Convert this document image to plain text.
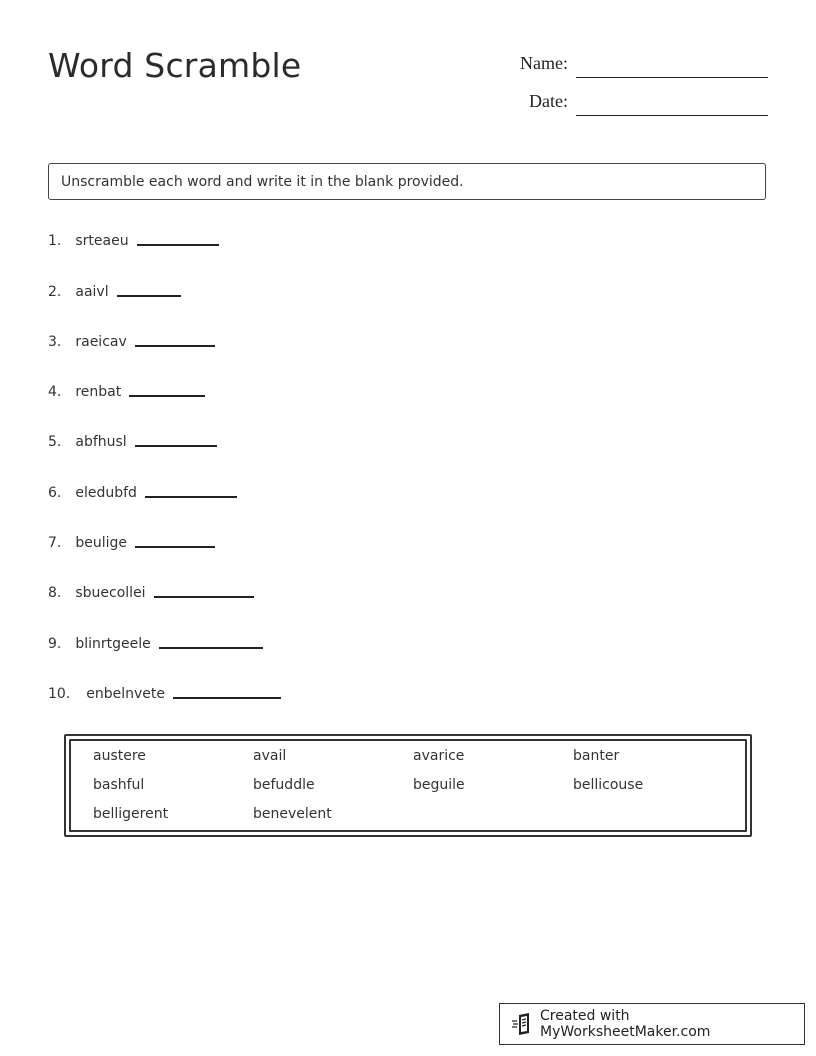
Word Scramble	Name:
Date:
Unscramble each word and write it in the blank provided.
1. srteaeu
2. aaivl
3. raeicav
4. renbat
5. abfhusl
6. eledubfd
7. beulige
8. sbuecollei
9. blinrtgeele
10. enbelnvete
austere	avail	avarice	banter
bashful	befuddle	beguile	bellicouse
belligerent	benevelent
Created with MyWorksheetMaker.com
